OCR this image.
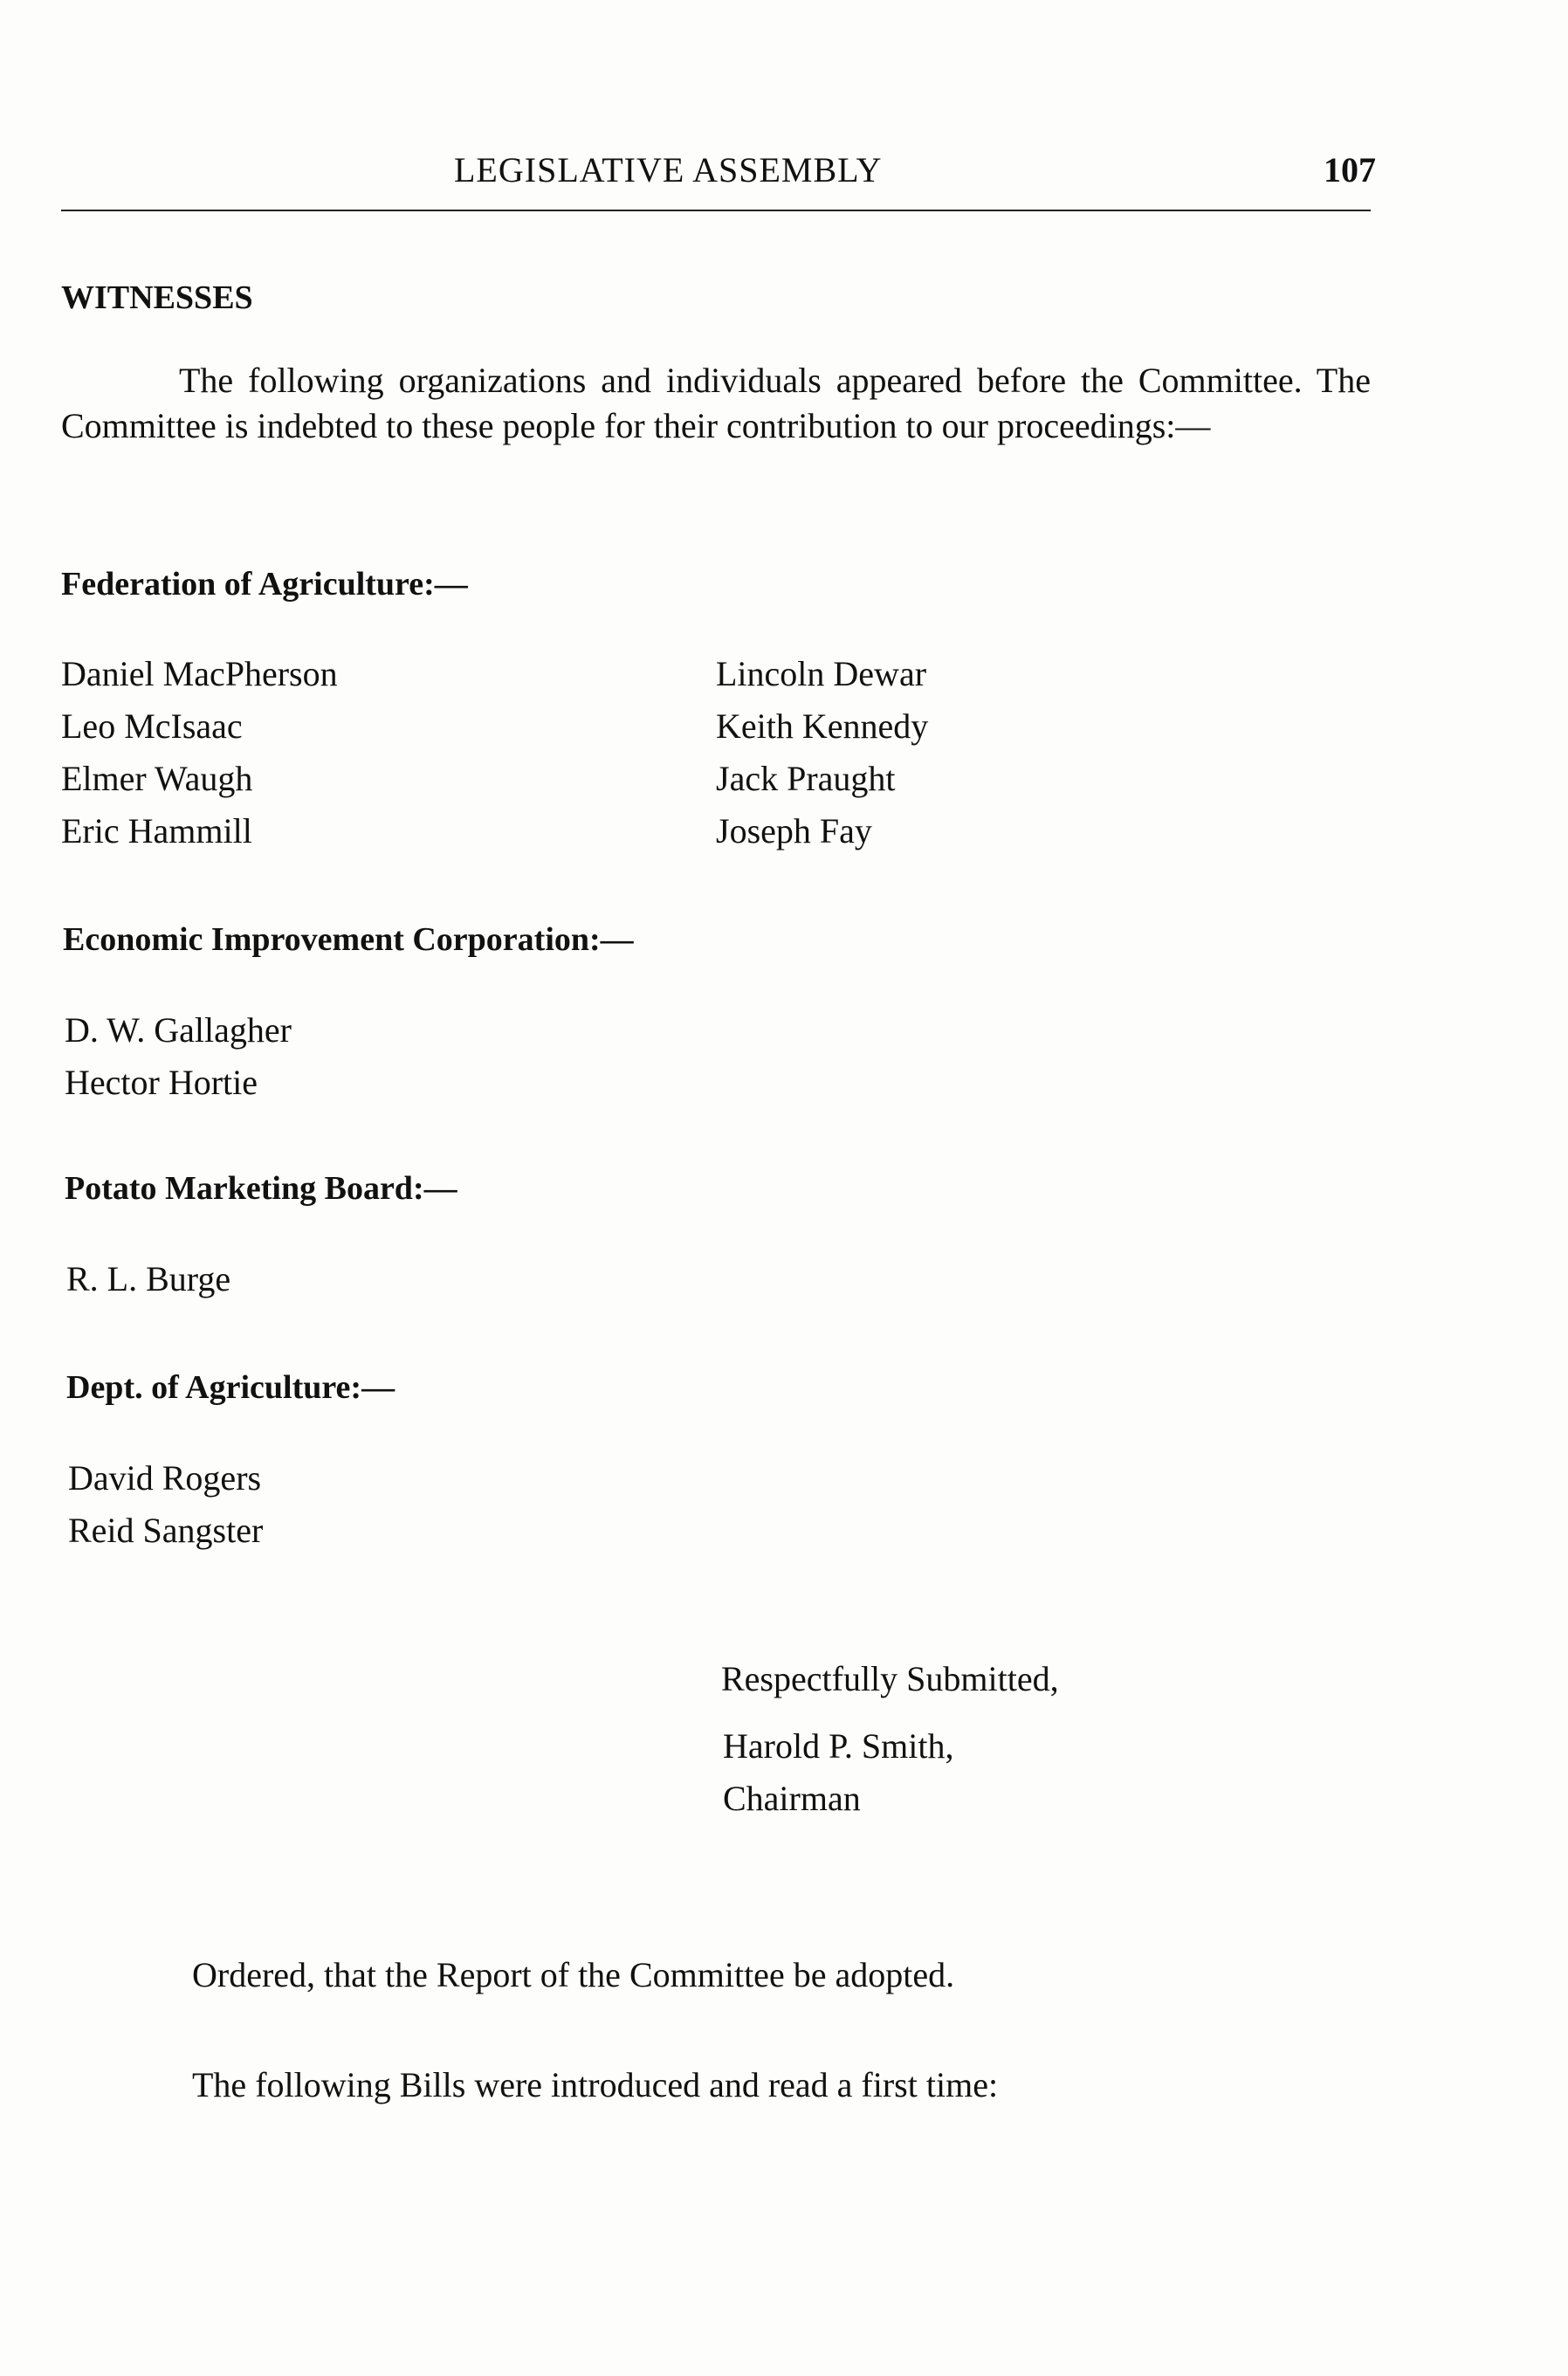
LEGISLATIVE ASSEMBLY	107
WITNESSES
The following organizations and individuals appeared before the Committee. The Committee is indebted to these people for their contribution to our proceedings:—
Federation of Agriculture:—
Daniel MacPherson
Leo McIsaac
Elmer Waugh
Eric Hammill
Lincoln Dewar
Keith Kennedy
Jack Praught
Joseph Fay
Economic Improvement Corporation:—
D. W. Gallagher
Hector Hortie
Potato Marketing Board:—
R. L. Burge
Dept. of Agriculture:—
David Rogers
Reid Sangster
Respectfully Submitted,
Harold P. Smith,
Chairman
Ordered, that the Report of the Committee be adopted.
The following Bills were introduced and read a first time:
